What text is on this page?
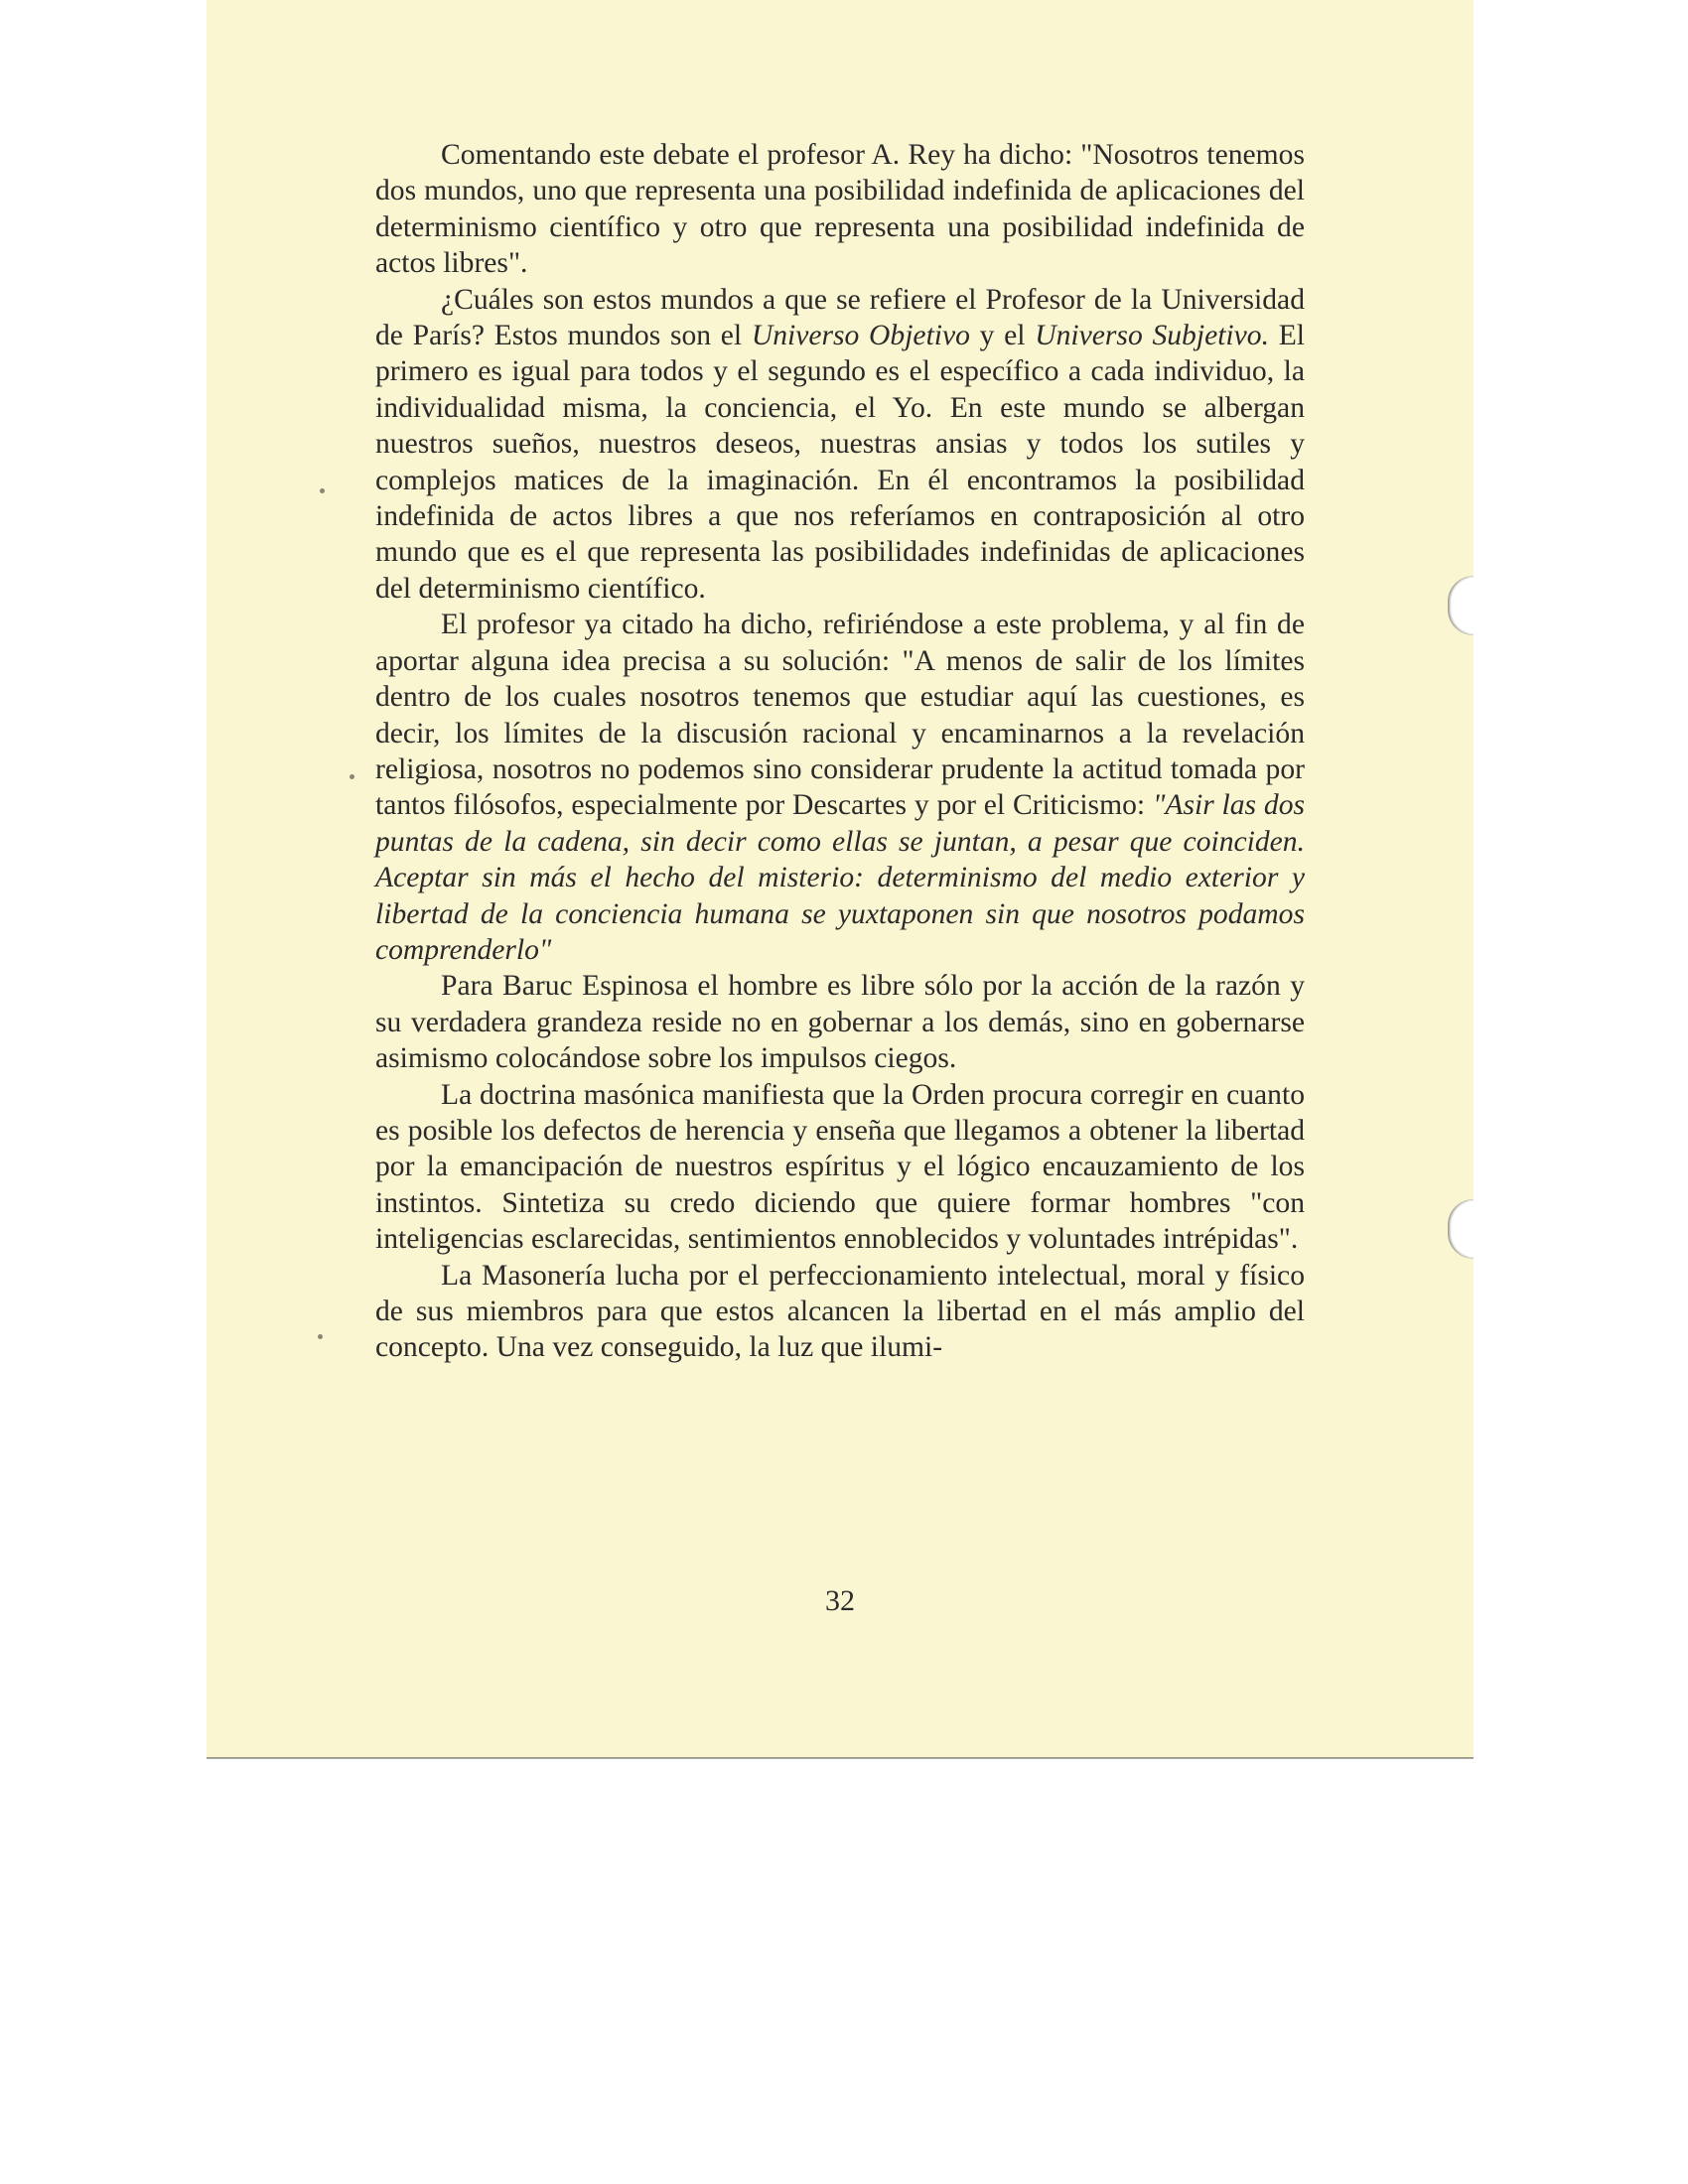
Comentando este debate el profesor A. Rey ha dicho: "Nosotros tenemos dos mundos, uno que representa una posibilidad indefinida de aplicaciones del determinismo científico y otro que representa una posibilidad indefinida de actos libres".

¿Cuáles son estos mundos a que se refiere el Profesor de la Universidad de París? Estos mundos son el Universo Objetivo y el Universo Subjetivo. El primero es igual para todos y el segundo es el específico a cada individuo, la individualidad misma, la conciencia, el Yo. En este mundo se albergan nuestros sueños, nuestros deseos, nuestras ansias y todos los sutiles y complejos matices de la imaginación. En él encontramos la posibilidad indefinida de actos libres a que nos referíamos en contraposición al otro mundo que es el que representa las posibilidades indefinidas de aplicaciones del determinismo científico.

El profesor ya citado ha dicho, refiriéndose a este problema, y al fin de aportar alguna idea precisa a su solución: "A menos de salir de los límites dentro de los cuales nosotros tenemos que estudiar aquí las cuestiones, es decir, los límites de la discusión racional y encaminarnos a la revelación religiosa, nosotros no podemos sino considerar prudente la actitud tomada por tantos filósofos, especialmente por Descartes y por el Criticismo: "Asir las dos puntas de la cadena, sin decir como ellas se juntan, a pesar que coinciden. Aceptar sin más el hecho del misterio: determinismo del medio exterior y libertad de la conciencia humana se yuxtaponen sin que nosotros podamos comprenderlo"

Para Baruc Espinosa el hombre es libre sólo por la acción de la razón y su verdadera grandeza reside no en gobernar a los demás, sino en gobernarse asimismo colocándose sobre los impulsos ciegos.

La doctrina masónica manifiesta que la Orden procura corregir en cuanto es posible los defectos de herencia y enseña que llegamos a obtener la libertad por la emancipación de nuestros espíritus y el lógico encauzamiento de los instintos. Sintetiza su credo diciendo que quiere formar hombres "con inteligencias esclarecidas, sentimientos ennoblecidos y voluntades intrépidas".

La Masonería lucha por el perfeccionamiento intelectual, moral y físico de sus miembros para que estos alcancen la libertad en el más amplio del concepto. Una vez conseguido, la luz que ilumi-

32
